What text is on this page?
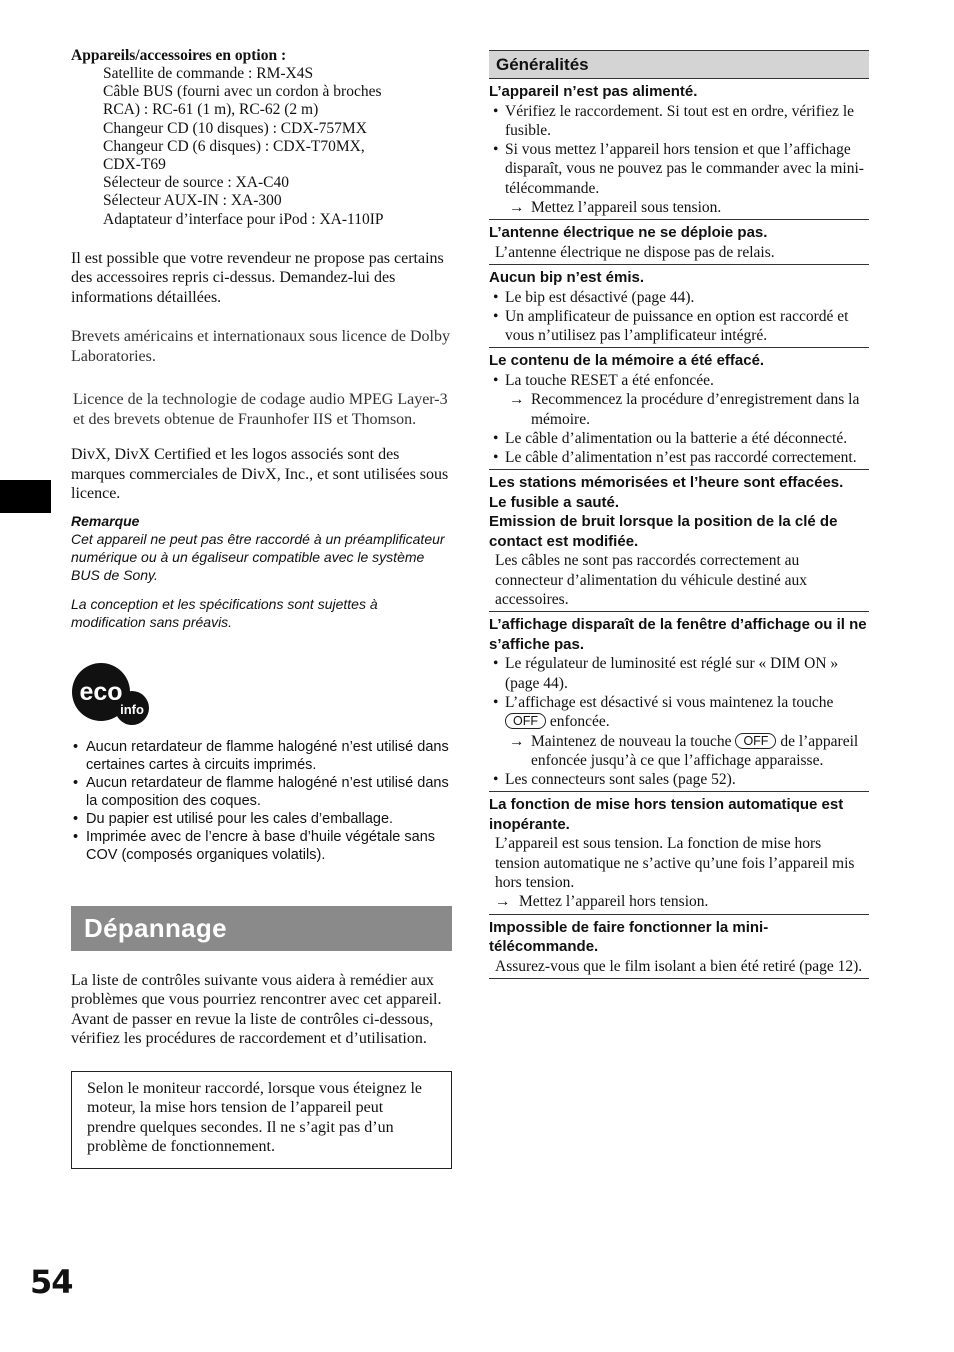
54
Appareils/accessoires en option :
Satellite de commande : RM-X4S
Câble BUS (fourni avec un cordon à broches
RCA) : RC-61 (1 m), RC-62 (2 m)
Changeur CD (10 disques) : CDX-757MX
Changeur CD (6 disques) : CDX-T70MX,
CDX-T69
Sélecteur de source : XA-C40
Sélecteur AUX-IN : XA-300
Adaptateur d’interface pour iPod : XA-110IP
Il est possible que votre revendeur ne propose pas certains des accessoires repris ci-dessus. Demandez-lui des informations détaillées.
Brevets américains et internationaux sous licence de Dolby Laboratories.
Licence de la technologie de codage audio MPEG Layer-3 et des brevets obtenue de Fraunhofer IIS et Thomson.
DivX, DivX Certified et les logos associés sont des marques commerciales de DivX, Inc., et sont utilisées sous licence.
Remarque
Cet appareil ne peut pas être raccordé à un préamplificateur numérique ou à un égaliseur compatible avec le système BUS de Sony.
La conception et les spécifications sont sujettes à modification sans préavis.
eco
info
• Aucun retardateur de flamme halogéné n’est utilisé dans certaines cartes à circuits imprimés.
• Aucun retardateur de flamme halogéné n’est utilisé dans la composition des coques.
• Du papier est utilisé pour les cales d’emballage.
• Imprimée avec de l’encre à base d’huile végétale sans COV (composés organiques volatils).
Dépannage
La liste de contrôles suivante vous aidera à remédier aux problèmes que vous pourriez rencontrer avec cet appareil.
Avant de passer en revue la liste de contrôles ci-dessous, vérifiez les procédures de raccordement et d’utilisation.
Selon le moniteur raccordé, lorsque vous éteignez le moteur, la mise hors tension de l’appareil peut prendre quelques secondes. Il ne s’agit pas d’un problème de fonctionnement.
Généralités
L’appareil n’est pas alimenté.
• Vérifiez le raccordement. Si tout est en ordre, vérifiez le fusible.
• Si vous mettez l’appareil hors tension et que l’affichage disparaît, vous ne pouvez pas le commander avec la mini-télécommande.
→ Mettez l’appareil sous tension.
L’antenne électrique ne se déploie pas.
L’antenne électrique ne dispose pas de relais.
Aucun bip n’est émis.
• Le bip est désactivé (page 44).
• Un amplificateur de puissance en option est raccordé et vous n’utilisez pas l’amplificateur intégré.
Le contenu de la mémoire a été effacé.
• La touche RESET a été enfoncée.
→ Recommencez la procédure d’enregistrement dans la mémoire.
• Le câble d’alimentation ou la batterie a été déconnecté.
• Le câble d’alimentation n’est pas raccordé correctement.
Les stations mémorisées et l’heure sont effacées.
Le fusible a sauté.
Emission de bruit lorsque la position de la clé de contact est modifiée.
Les câbles ne sont pas raccordés correctement au connecteur d’alimentation du véhicule destiné aux accessoires.
L’affichage disparaît de la fenêtre d’affichage ou il ne s’affiche pas.
• Le régulateur de luminosité est réglé sur « DIM ON » (page 44).
• L’affichage est désactivé si vous maintenez la touche OFF enfoncée.
→ Maintenez de nouveau la touche OFF de l’appareil enfoncée jusqu’à ce que l’affichage apparaisse.
• Les connecteurs sont sales (page 52).
La fonction de mise hors tension automatique est inopérante.
L’appareil est sous tension. La fonction de mise hors tension automatique ne s’active qu’une fois l’appareil mis hors tension.
→ Mettez l’appareil hors tension.
Impossible de faire fonctionner la mini-télécommande.
Assurez-vous que le film isolant a bien été retiré (page 12).
